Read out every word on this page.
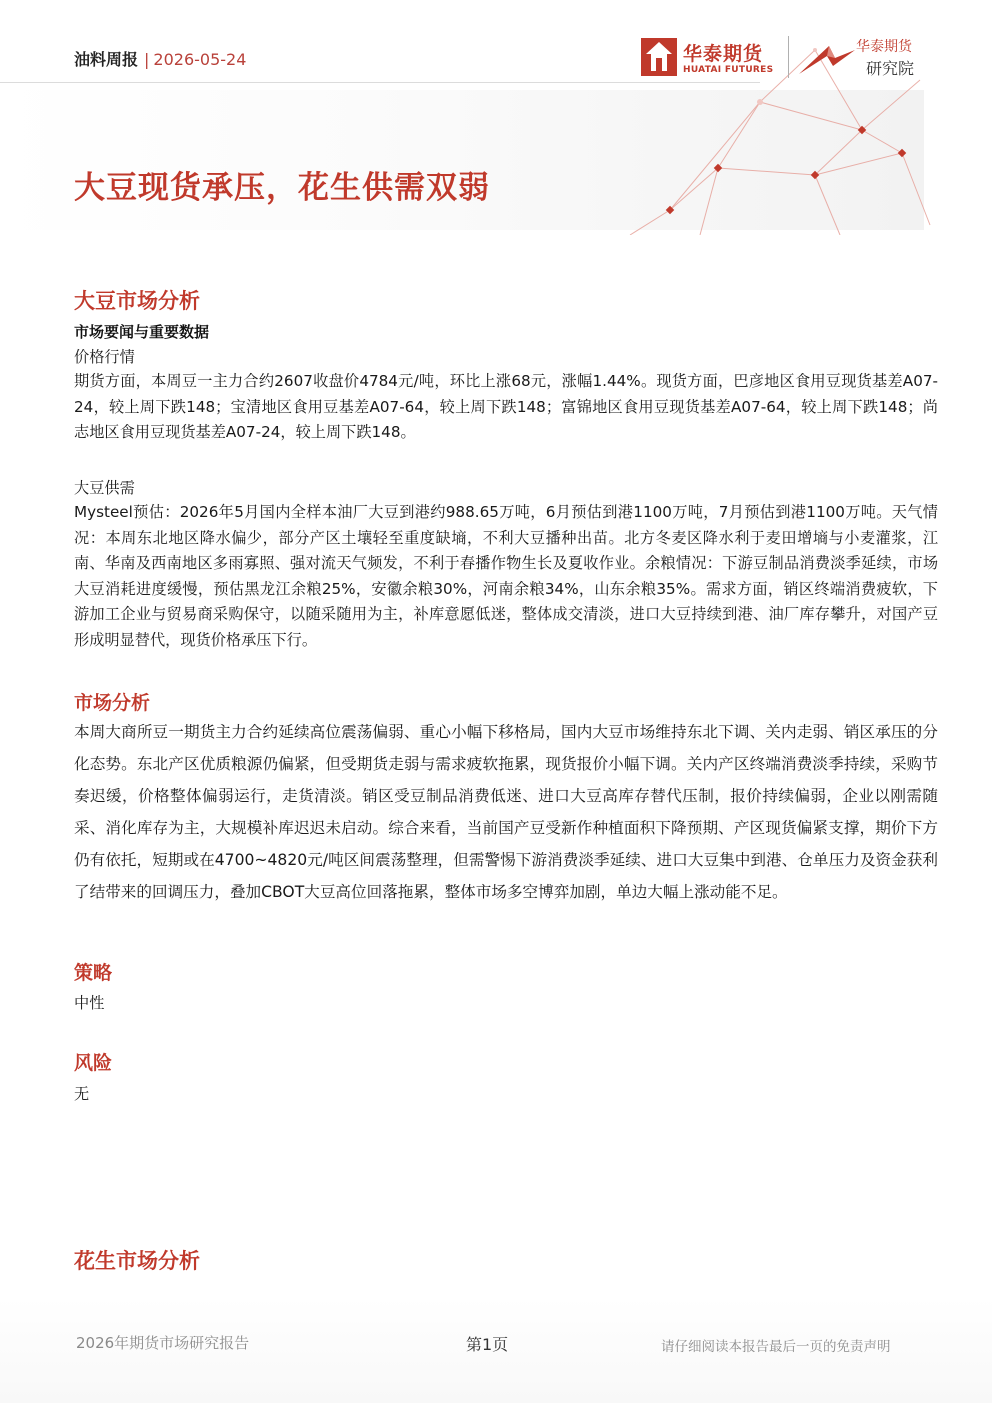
油料周报 | 2026-05-24
大豆现货承压，花生供需双弱
华泰期货
HUATAI FUTURES
华泰期货
研究院
大豆市场分析
市场要闻与重要数据
价格行情
期货方面，本周豆一主力合约2607收盘价4784元/吨，环比上涨68元，涨幅1.44%。现货方面，巴彦地区食用豆现货基差A07-24，较上周下跌148；宝清地区食用豆基差A07-64，较上周下跌148；富锦地区食用豆现货基差A07-64，较上周下跌148；尚志地区食用豆现货基差A07-24，较上周下跌148。
大豆供需
Mysteel预估：2026年5月国内全样本油厂大豆到港约988.65万吨，6月预估到港1100万吨，7月预估到港1100万吨。天气情况：本周东北地区降水偏少，部分产区土壤轻至重度缺墒，不利大豆播种出苗。北方冬麦区降水利于麦田增墒与小麦灌浆，江南、华南及西南地区多雨寡照、强对流天气频发，不利于春播作物生长及夏收作业。余粮情况：下游豆制品消费淡季延续，市场大豆消耗进度缓慢，预估黑龙江余粮25%，安徽余粮30%，河南余粮34%，山东余粮35%。需求方面，销区终端消费疲软，下游加工企业与贸易商采购保守，以随采随用为主，补库意愿低迷，整体成交清淡，进口大豆持续到港、油厂库存攀升，对国产豆形成明显替代，现货价格承压下行。
市场分析
本周大商所豆一期货主力合约延续高位震荡偏弱、重心小幅下移格局，国内大豆市场维持东北下调、关内走弱、销区承压的分化态势。东北产区优质粮源仍偏紧，但受期货走弱与需求疲软拖累，现货报价小幅下调。关内产区终端消费淡季持续，采购节奏迟缓，价格整体偏弱运行，走货清淡。销区受豆制品消费低迷、进口大豆高库存替代压制，报价持续偏弱，企业以刚需随采、消化库存为主，大规模补库迟迟未启动。综合来看，当前国产豆受新作种植面积下降预期、产区现货偏紧支撑，期价下方仍有依托，短期或在4700~4820元/吨区间震荡整理，但需警惕下游消费淡季延续、进口大豆集中到港、仓单压力及资金获利了结带来的回调压力，叠加CBOT大豆高位回落拖累，整体市场多空博弈加剧，单边大幅上涨动能不足。
策略
中性
风险
无
花生市场分析
2026年期货市场研究报告	第1页	请仔细阅读本报告最后一页的免责声明
